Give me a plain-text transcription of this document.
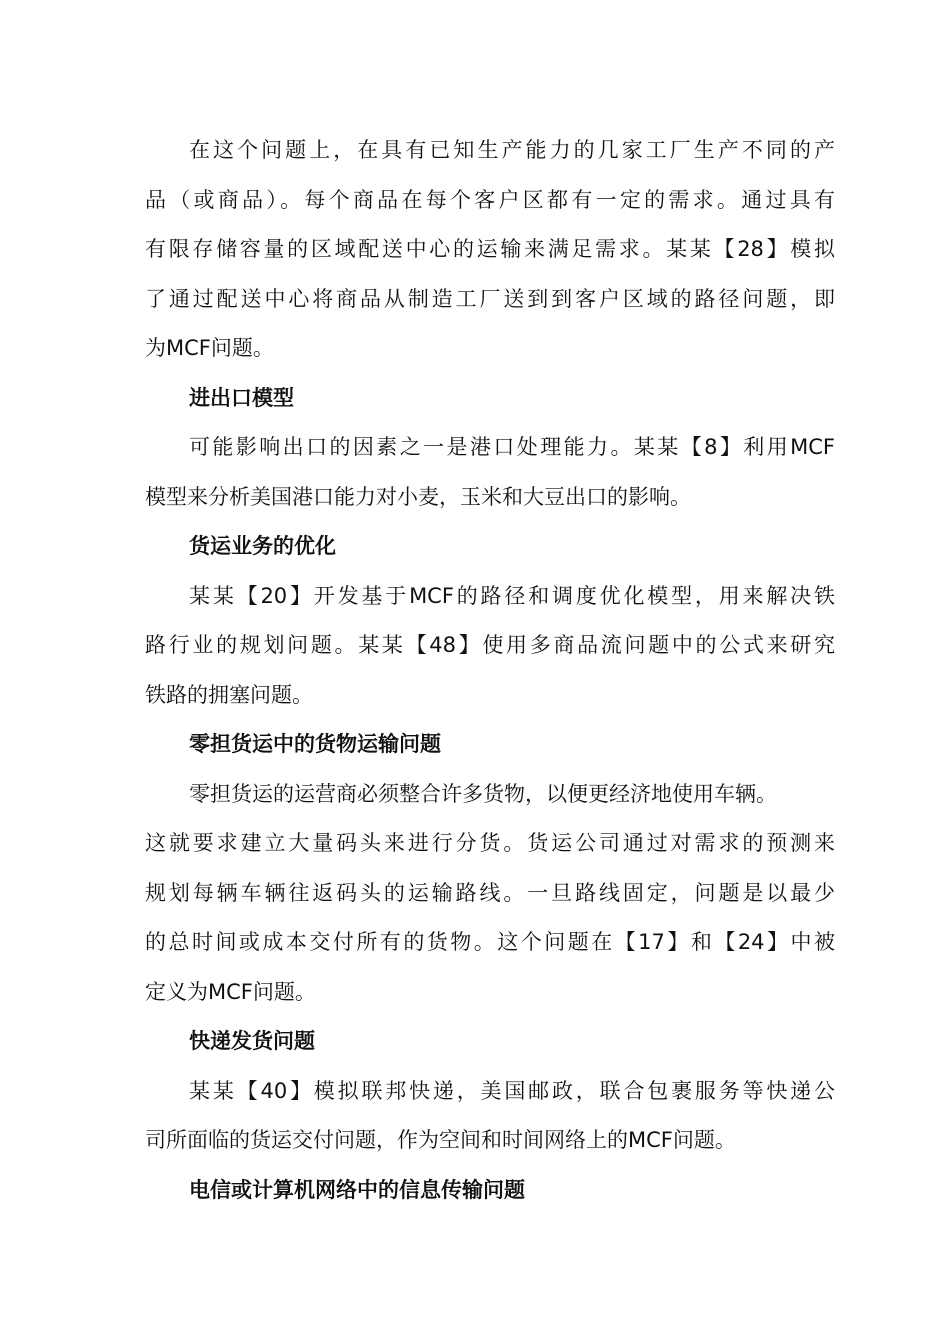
在这个问题上，在具有已知生产能力的几家工厂生产不同的产
品（或商品）。每个商品在每个客户区都有一定的需求。通过具有
有限存储容量的区域配送中心的运输来满足需求。某某【28】模拟
了通过配送中心将商品从制造工厂送到到客户区域的路径问题，即
为MCF问题。
进出口模型
可能影响出口的因素之一是港口处理能力。某某【8】利用MCF
模型来分析美国港口能力对小麦，玉米和大豆出口的影响。
货运业务的优化
某某【20】开发基于MCF的路径和调度优化模型，用来解决铁
路行业的规划问题。某某【48】使用多商品流问题中的公式来研究
铁路的拥塞问题。
零担货运中的货物运输问题
零担货运的运营商必须整合许多货物，以便更经济地使用车辆。
这就要求建立大量码头来进行分货。货运公司通过对需求的预测来
规划每辆车辆往返码头的运输路线。一旦路线固定，问题是以最少
的总时间或成本交付所有的货物。这个问题在【17】和【24】中被
定义为MCF问题。
快递发货问题
某某【40】模拟联邦快递，美国邮政，联合包裹服务等快递公
司所面临的货运交付问题，作为空间和时间网络上的MCF问题。
电信或计算机网络中的信息传输问题
